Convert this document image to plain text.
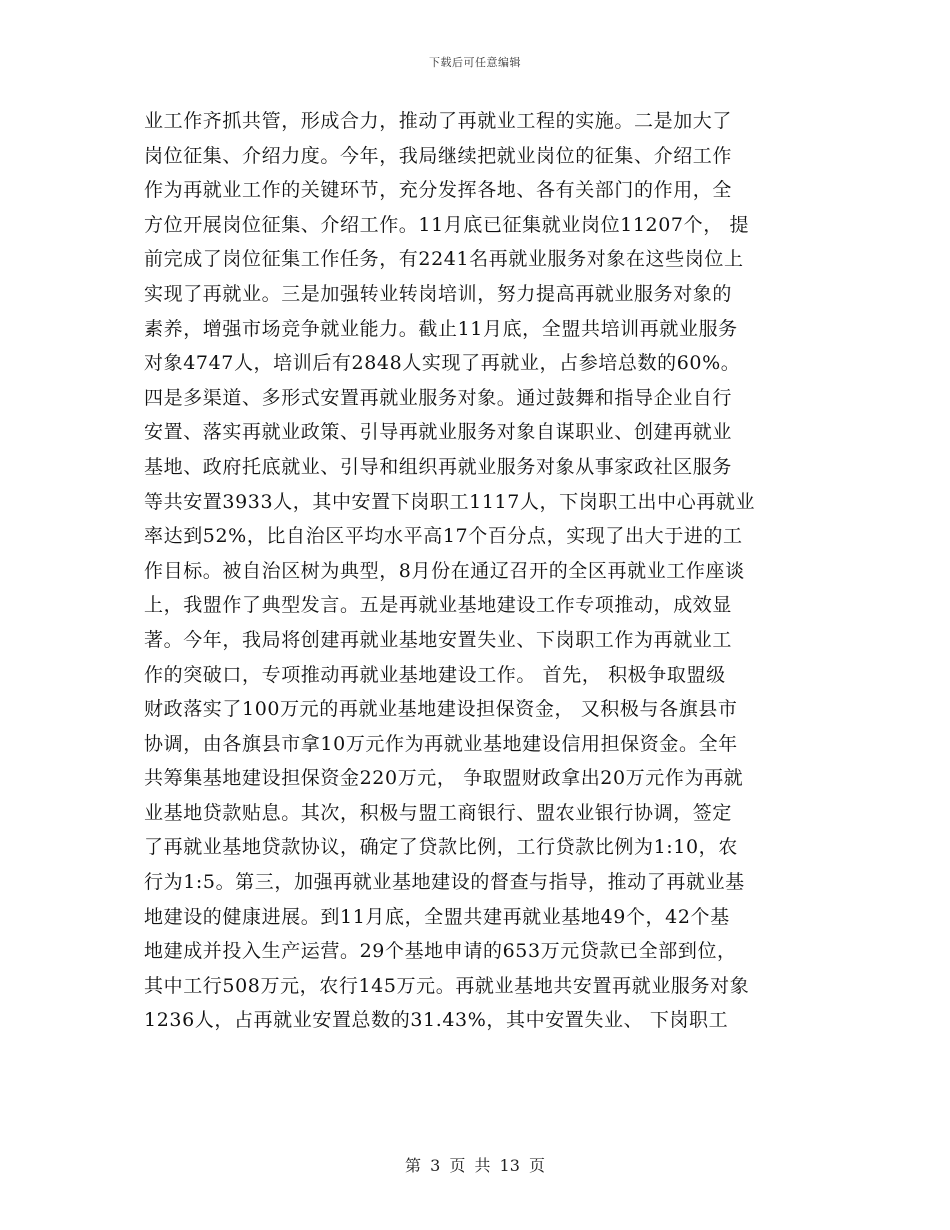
下载后可任意编辑
业工作齐抓共管，形成合力，推动了再就业工程的实施。二是加大了
岗位征集、介绍力度。今年，我局继续把就业岗位的征集、介绍工作
作为再就业工作的关键环节，充分发挥各地、各有关部门的作用，全
方位开展岗位征集、介绍工作。11月底已征集就业岗位11207个， 提
前完成了岗位征集工作任务，有2241名再就业服务对象在这些岗位上
实现了再就业。三是加强转业转岗培训，努力提高再就业服务对象的
素养，增强市场竞争就业能力。截止11月底，全盟共培训再就业服务
对象4747人，培训后有2848人实现了再就业，占参培总数的60%。
四是多渠道、多形式安置再就业服务对象。通过鼓舞和指导企业自行
安置、落实再就业政策、引导再就业服务对象自谋职业、创建再就业
基地、政府托底就业、引导和组织再就业服务对象从事家政社区服务
等共安置3933人，其中安置下岗职工1117人，下岗职工出中心再就业
率达到52%，比自治区平均水平高17个百分点，实现了出大于进的工
作目标。被自治区树为典型，8月份在通辽召开的全区再就业工作座谈
上，我盟作了典型发言。五是再就业基地建设工作专项推动，成效显
著。今年，我局将创建再就业基地安置失业、下岗职工作为再就业工
作的突破口，专项推动再就业基地建设工作。 首先， 积极争取盟级
财政落实了100万元的再就业基地建设担保资金， 又积极与各旗县市
协调，由各旗县市拿10万元作为再就业基地建设信用担保资金。全年
共筹集基地建设担保资金220万元， 争取盟财政拿出20万元作为再就
业基地贷款贴息。其次，积极与盟工商银行、盟农业银行协调，签定
了再就业基地贷款协议，确定了贷款比例，工行贷款比例为1:10，农
行为1:5。第三，加强再就业基地建设的督查与指导，推动了再就业基
地建设的健康进展。到11月底，全盟共建再就业基地49个，42个基
地建成并投入生产运营。29个基地申请的653万元贷款已全部到位，
其中工行508万元，农行145万元。再就业基地共安置再就业服务对象
1236人，占再就业安置总数的31.43%，其中安置失业、 下岗职工
第 3 页 共 13 页
